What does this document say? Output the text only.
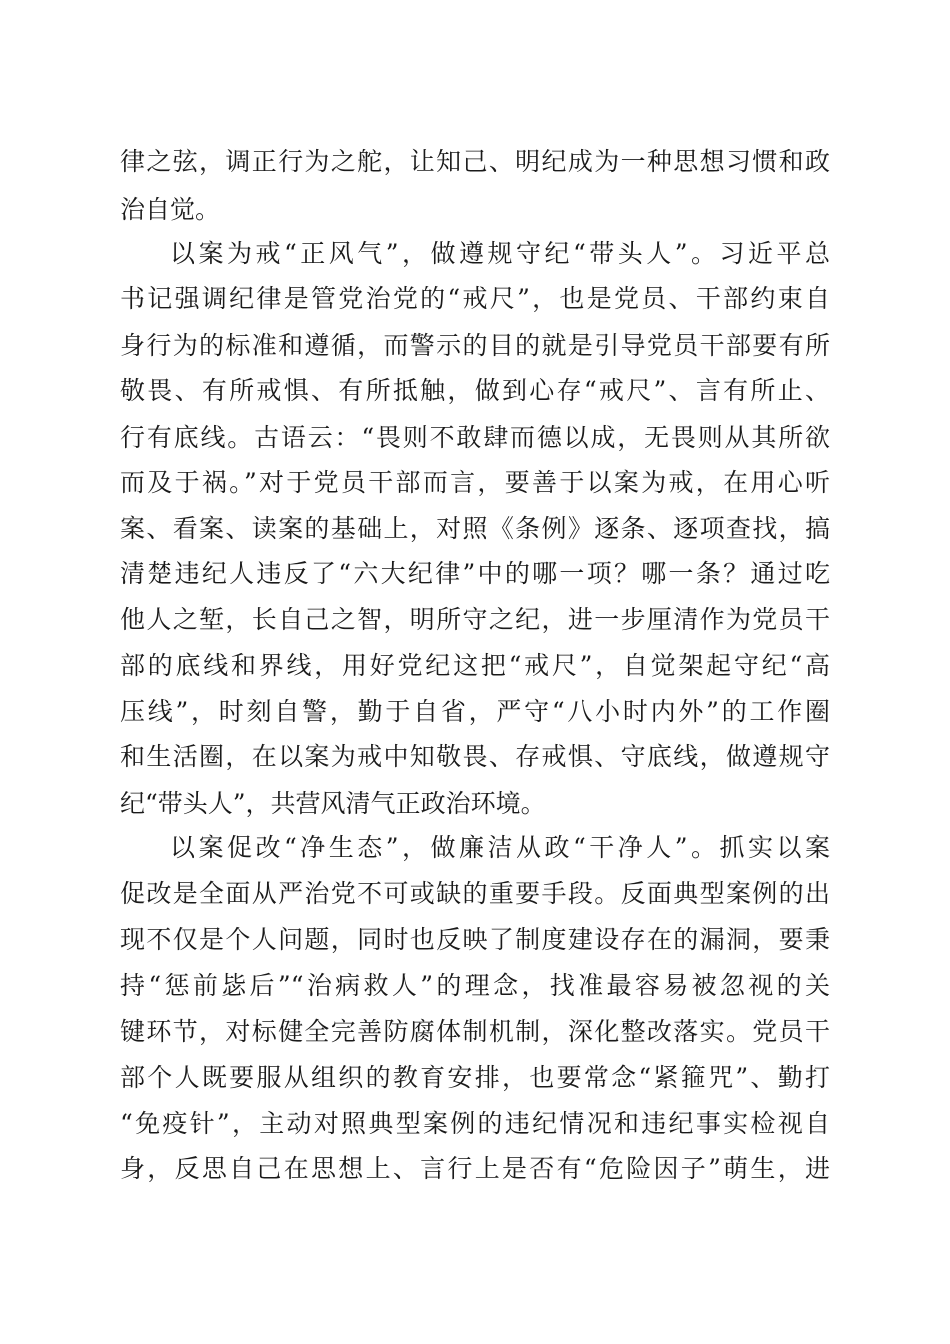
律之弦，调正行为之舵，让知己、明纪成为一种思想习惯和政
治自觉。
以案为戒“正风气”，做遵规守纪“带头人”。习近平总
书记强调纪律是管党治党的“戒尺”，也是党员、干部约束自
身行为的标准和遵循，而警示的目的就是引导党员干部要有所
敬畏、有所戒惧、有所抵触，做到心存“戒尺”、言有所止、
行有底线。古语云：“畏则不敢肆而德以成，无畏则从其所欲
而及于祸。”对于党员干部而言，要善于以案为戒，在用心听
案、看案、读案的基础上，对照《条例》逐条、逐项查找，搞
清楚违纪人违反了“六大纪律”中的哪一项？哪一条？通过吃
他人之堑，长自己之智，明所守之纪，进一步厘清作为党员干
部的底线和界线，用好党纪这把“戒尺”，自觉架起守纪“高
压线”，时刻自警，勤于自省，严守“八小时内外”的工作圈
和生活圈，在以案为戒中知敬畏、存戒惧、守底线，做遵规守
纪“带头人”，共营风清气正政治环境。
以案促改“净生态”，做廉洁从政“干净人”。抓实以案
促改是全面从严治党不可或缺的重要手段。反面典型案例的出
现不仅是个人问题，同时也反映了制度建设存在的漏洞，要秉
持“惩前毖后”“治病救人”的理念，找准最容易被忽视的关
键环节，对标健全完善防腐体制机制，深化整改落实。党员干
部个人既要服从组织的教育安排，也要常念“紧箍咒”、勤打
“免疫针”，主动对照典型案例的违纪情况和违纪事实检视自
身，反思自己在思想上、言行上是否有“危险因子”萌生，进
